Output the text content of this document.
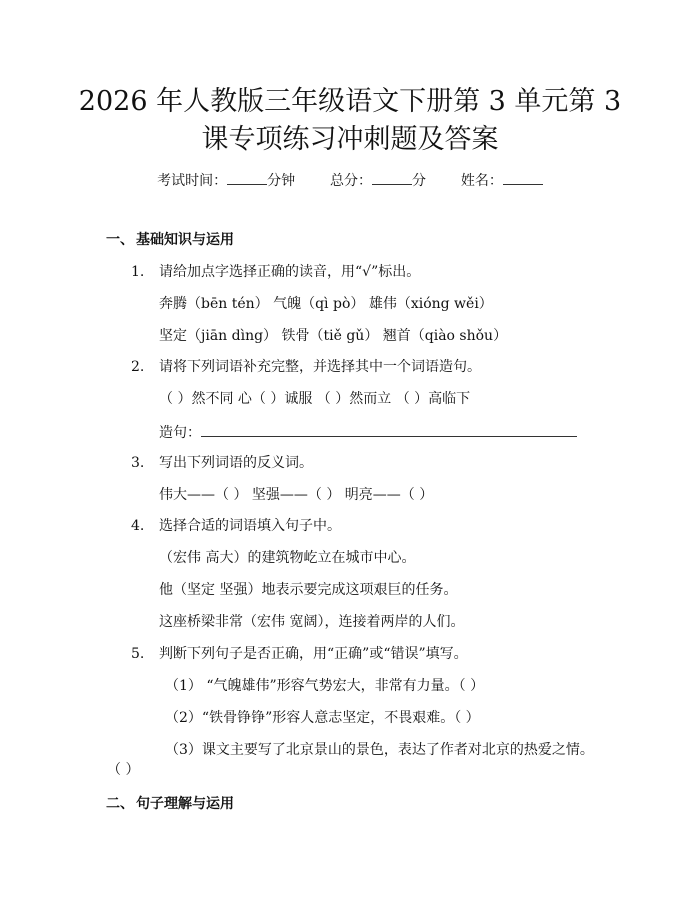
2026 年人教版三年级语文下册第 3 单元第 3
课专项练习冲刺题及答案
考试时间：	分钟 总分：	分 姓名：
一、 基础知识与运用
1. 请给加点字选择正确的读音，用“√”标出。
奔腾（bēn tén） 气魄（qì pò） 雄伟（xióng wěi）
坚定（jiān dìng） 铁骨（tiě gǔ） 翘首（qiào shǒu）
2. 请将下列词语补充完整，并选择其中一个词语造句。
（ ）然不同 心（ ）诚服 （ ）然而立 （ ）高临下
造句：
3. 写出下列词语的反义词。
伟大——（ ） 坚强——（ ） 明亮——（ ）
4. 选择合适的词语填入句子中。
（宏伟 高大）的建筑物屹立在城市中心。
他（坚定 坚强）地表示要完成这项艰巨的任务。
这座桥梁非常（宏伟 宽阔），连接着两岸的人们。
5. 判断下列句子是否正确，用“正确”或“错误”填写。
（1） “气魄雄伟”形容气势宏大，非常有力量。（ ）
（2）“铁骨铮铮”形容人意志坚定，不畏艰难。（ ）
（3）课文主要写了北京景山的景色，表达了作者对北京的热爱之情。
（ ）
二、 句子理解与运用
